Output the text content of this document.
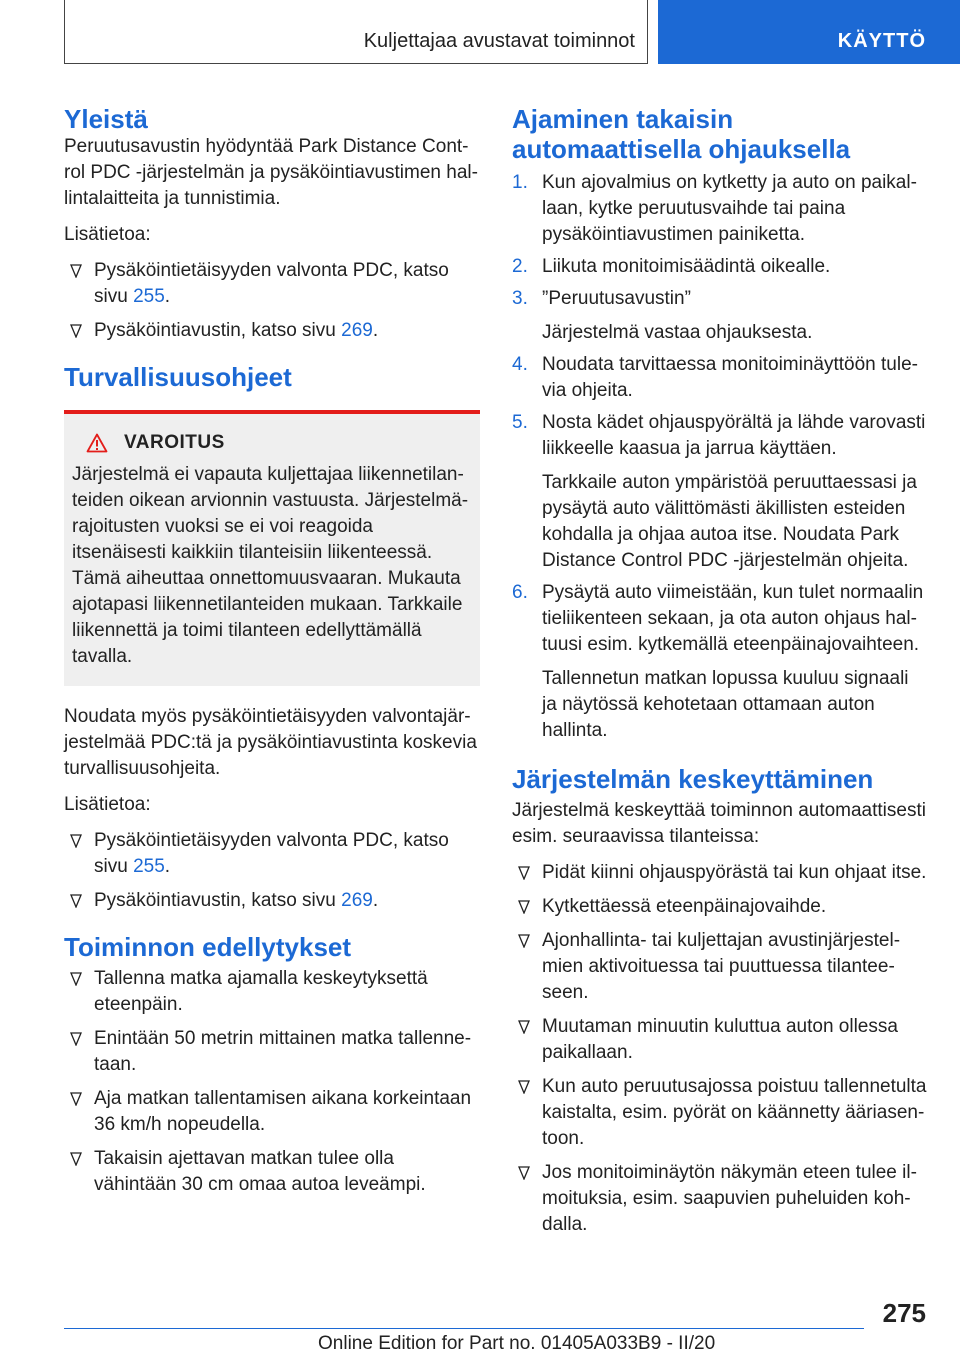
Kuljettajaa avustavat toiminnot	KÄYTTÖ
Yleistä

Peruutusavustin hyödyntää Park Distance Control PDC -järjestelmän ja pysäköintiavustimen hallintalaitteita ja tunnistimia.

Lisätietoa:

Pysäköintietäisyyden valvonta PDC, katso sivu 255.
Pysäköintiavustin, katso sivu 269.
Turvallisuusohjeet
VAROITUS

Järjestelmä ei vapauta kuljettajaa liikennetilanteiden oikean arvionnin vastuusta. Järjestelmärajoitusten vuoksi se ei voi reagoida itsenäisesti kaikkiin tilanteisiin liikenteessä. Tämä aiheuttaa onnettomuusvaaran. Mukauta ajotapasi liikennetilanteiden mukaan. Tarkkaile liikennettä ja toimi tilanteen edellyttämällä tavalla.

Noudata myös pysäköintietäisyyden valvontajärjestelmää PDC:tä ja pysäköintiavustinta koskevia turvallisuusohjeita.

Lisätietoa:

Pysäköintietäisyyden valvonta PDC, katso sivu 255.
Pysäköintiavustin, katso sivu 269.
Toiminnon edellytykset
Tallenna matka ajamalla keskeytyksettä eteenpäin.
Enintään 50 metrin mittainen matka tallennetaan.
Aja matkan tallentamisen aikana korkeintaan 36 km/h nopeudella.
Takaisin ajettavan matkan tulee olla vähintään 30 cm omaa autoa leveämpi.
Ajaminen takaisin
automaattisella ohjauksella
1. Kun ajovalmius on kytketty ja auto on paikallaan, kytke peruutusvaihde tai paina pysäköintiavustimen painiketta.
2. Liikuta monitoimisäädintä oikealle.
3. ”Peruutusavustin”
Järjestelmä vastaa ohjauksesta.
4. Noudata tarvittaessa monitoiminäyttöön tulevia ohjeita.
5. Nosta kädet ohjauspyörältä ja lähde varovasti liikkeelle kaasua ja jarrua käyttäen.
Tarkkaile auton ympäristöä peruuttaessasi ja pysäytä auto välittömästi äkillisten esteiden kohdalla ja ohjaa autoa itse. Noudata Park Distance Control PDC -järjestelmän ohjeita.
6. Pysäytä auto viimeistään, kun tulet normaalin tieliikenteen sekaan, ja ota auton ohjaus haltuusi esim. kytkemällä eteenpäinajovaihteen.
Tallennetun matkan lopussa kuuluu signaali ja näytössä kehotetaan ottamaan auton hallinta.
Järjestelmän keskeyttäminen

Järjestelmä keskeyttää toiminnon automaattisesti esim. seuraavissa tilanteissa:

Pidät kiinni ohjauspyörästä tai kun ohjaat itse.
Kytkettäessä eteenpäinajovaihde.
Ajonhallinta- tai kuljettajan avustinjärjestelmien aktivoituessa tai puuttuessa tilanteeseen.
Muutaman minuutin kuluttua auton ollessa paikallaan.
Kun auto peruutusajossa poistuu tallennetulta kaistalta, esim. pyörät on käännetty ääriasentoon.
Jos monitoiminäytön näkymän eteen tulee ilmoituksia, esim. saapuvien puheluiden kohdalla.
275
Online Edition for Part no. 01405A033B9 - II/20
